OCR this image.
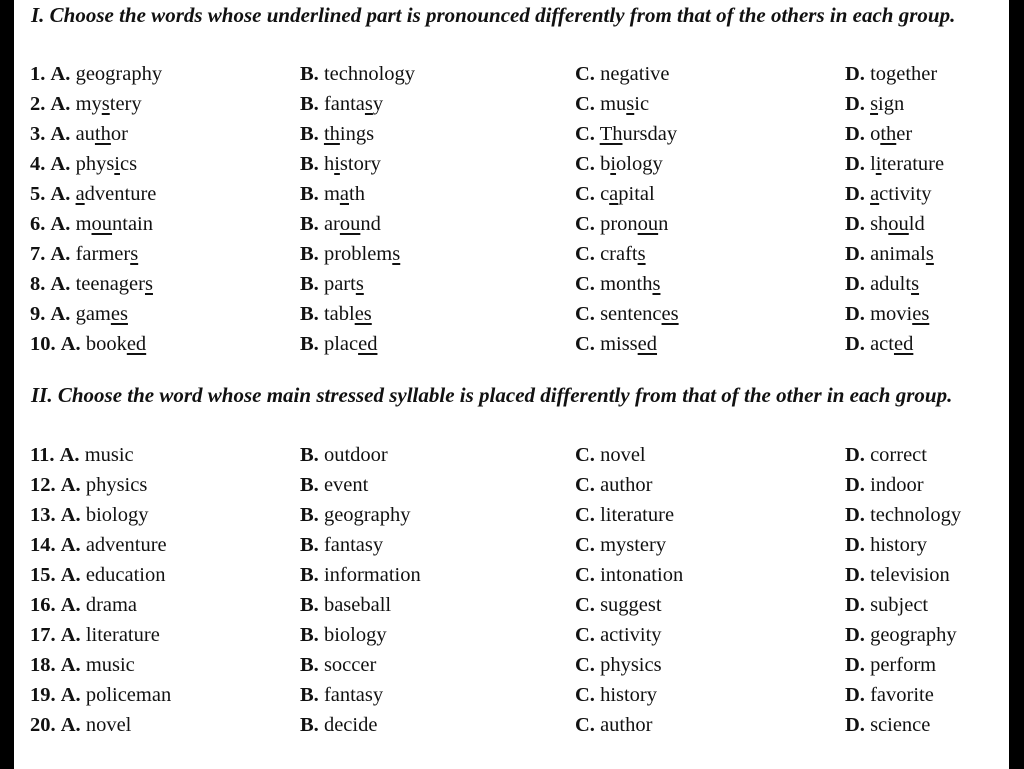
I. Choose the words whose underlined part is pronounced differently from that of the others in each group.

1. A. geography	B. technology	C. negative	D. together
2. A. mystery	B. fantasy	C. music	D. sign
3. A. author	B. things	C. Thursday	D. other
4. A. physics	B. history	C. biology	D. literature
5. A. adventure	B. math	C. capital	D. activity
6. A. mountain	B. around	C. pronoun	D. should
7. A. farmers	B. problems	C. crafts	D. animals
8. A. teenagers	B. parts	C. months	D. adults
9. A. games	B. tables	C. sentences	D. movies
10. A. booked	B. placed	C. missed	D. acted

II. Choose the word whose main stressed syllable is placed differently from that of the other in each group.

11. A. music	B. outdoor	C. novel	D. correct
12. A. physics	B. event	C. author	D. indoor
13. A. biology	B. geography	C. literature	D. technology
14. A. adventure	B. fantasy	C. mystery	D. history
15. A. education	B. information	C. intonation	D. television
16. A. drama	B. baseball	C. suggest	D. subject
17. A. literature	B. biology	C. activity	D. geography
18. A. music	B. soccer	C. physics	D. perform
19. A. policeman	B. fantasy	C. history	D. favorite
20. A. novel	B. decide	C. author	D. science
